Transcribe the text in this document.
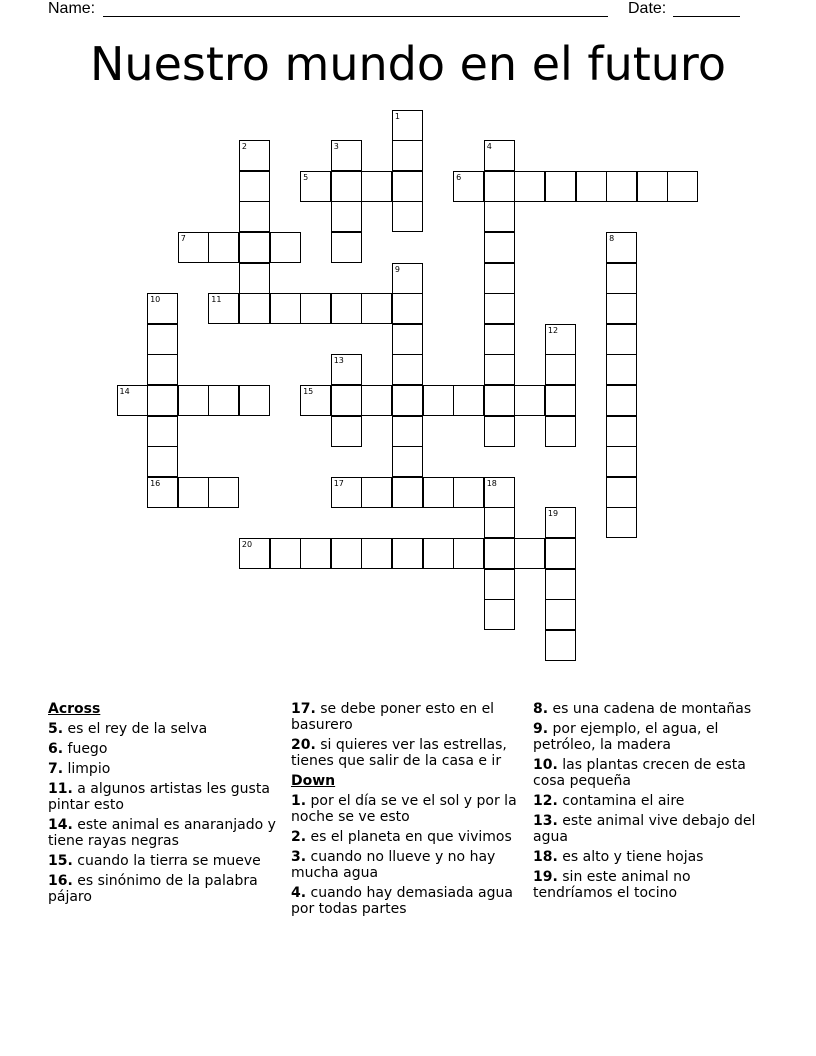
Name:	Date:
Nuestro mundo en el futuro
1
2	3	4
5	6
7	8
9
10
16
11
12
13
14	15
17	18
19
20
Across
5. es el rey de la selva
6. fuego
7. limpio
11. a algunos artistas les gusta pintar esto
14. este animal es anaranjado y tiene rayas negras
15. cuando la tierra se mueve
16. es sinónimo de la palabra pájaro
17. se debe poner esto en el basurero
20. si quieres ver las estrellas, tienes que salir de la casa e ir
Down
1. por el día se ve el sol y por la noche se ve esto
2. es el planeta en que vivimos
3. cuando no llueve y no hay mucha agua
4. cuando hay demasiada agua por todas partes
8. es una cadena de montañas
9. por ejemplo, el agua, el petróleo, la madera
10. las plantas crecen de esta cosa pequeña
12. contamina el aire
13. este animal vive debajo del agua
18. es alto y tiene hojas
19. sin este animal no tendríamos el tocino
